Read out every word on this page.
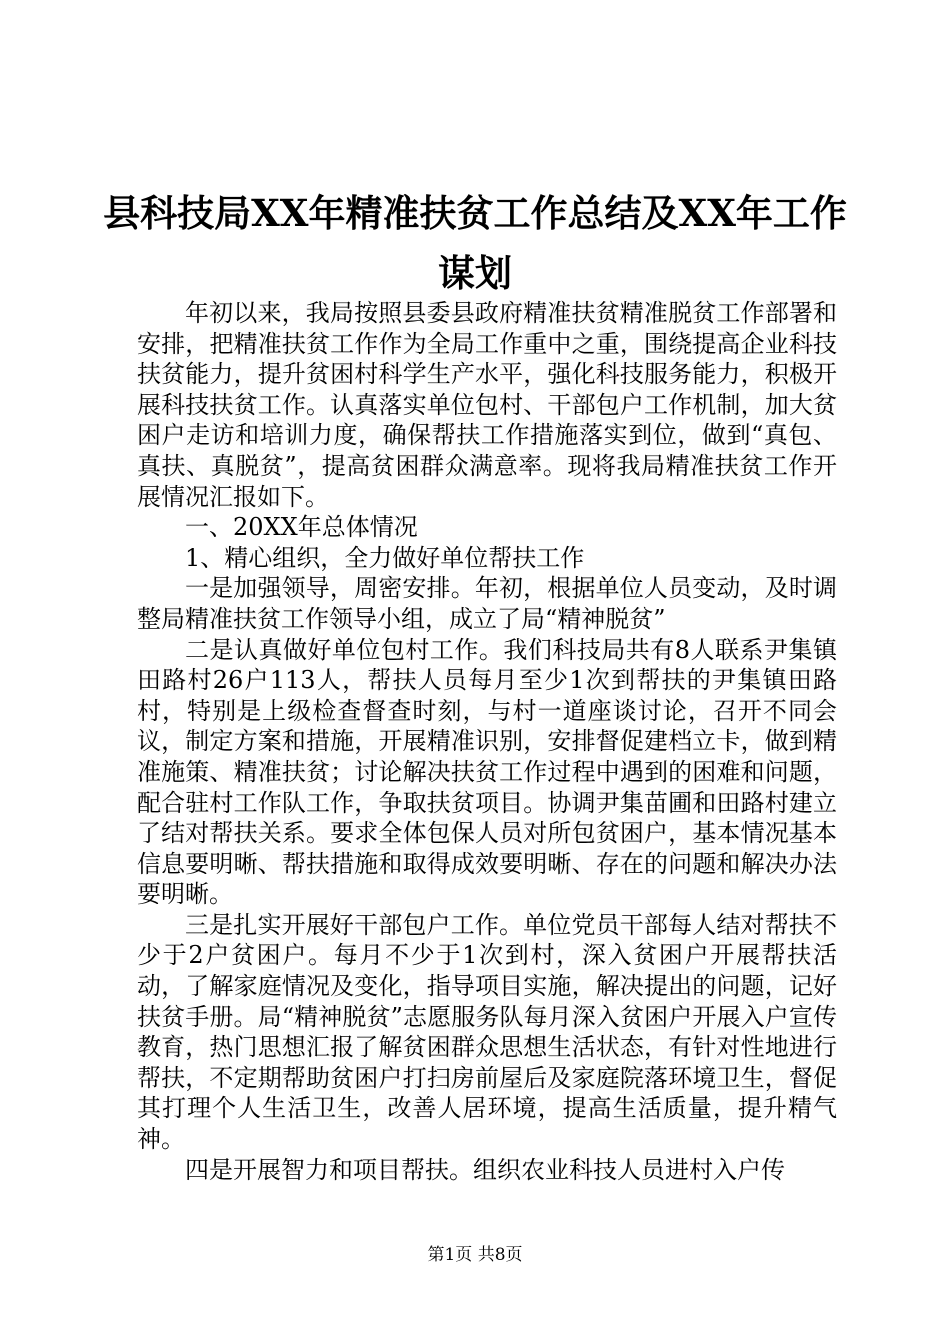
县科技局XX年精准扶贫工作总结及XX年工作谋划

年初以来，我局按照县委县政府精准扶贫精准脱贫工作部署和安排，把精准扶贫工作作为全局工作重中之重，围绕提高企业科技扶贫能力，提升贫困村科学生产水平，强化科技服务能力，积极开展科技扶贫工作。认真落实单位包村、干部包户工作机制，加大贫困户走访和培训力度，确保帮扶工作措施落实到位，做到“真包、真扶、真脱贫”，提高贫困群众满意率。现将我局精准扶贫工作开展情况汇报如下。

一、20XX年总体情况

1、精心组织，全力做好单位帮扶工作

一是加强领导，周密安排。年初，根据单位人员变动，及时调整局精准扶贫工作领导小组，成立了局“精神脱贫”

二是认真做好单位包村工作。我们科技局共有8人联系尹集镇田路村26户113人，帮扶人员每月至少1次到帮扶的尹集镇田路村，特别是上级检查督查时刻，与村一道座谈讨论，召开不同会议，制定方案和措施，开展精准识别，安排督促建档立卡，做到精准施策、精准扶贫；讨论解决扶贫工作过程中遇到的困难和问题，配合驻村工作队工作，争取扶贫项目。协调尹集苗圃和田路村建立了结对帮扶关系。要求全体包保人员对所包贫困户，基本情况基本信息要明晰、帮扶措施和取得成效要明晰、存在的问题和解决办法要明晰。

三是扎实开展好干部包户工作。单位党员干部每人结对帮扶不少于2户贫困户。每月不少于1次到村，深入贫困户开展帮扶活动，了解家庭情况及变化，指导项目实施，解决提出的问题，记好扶贫手册。局“精神脱贫”志愿服务队每月深入贫困户开展入户宣传教育，热门思想汇报了解贫困群众思想生活状态，有针对性地进行帮扶，不定期帮助贫困户打扫房前屋后及家庭院落环境卫生，督促其打理个人生活卫生，改善人居环境，提高生活质量，提升精气神。

四是开展智力和项目帮扶。组织农业科技人员进村入户传

第1页 共8页
